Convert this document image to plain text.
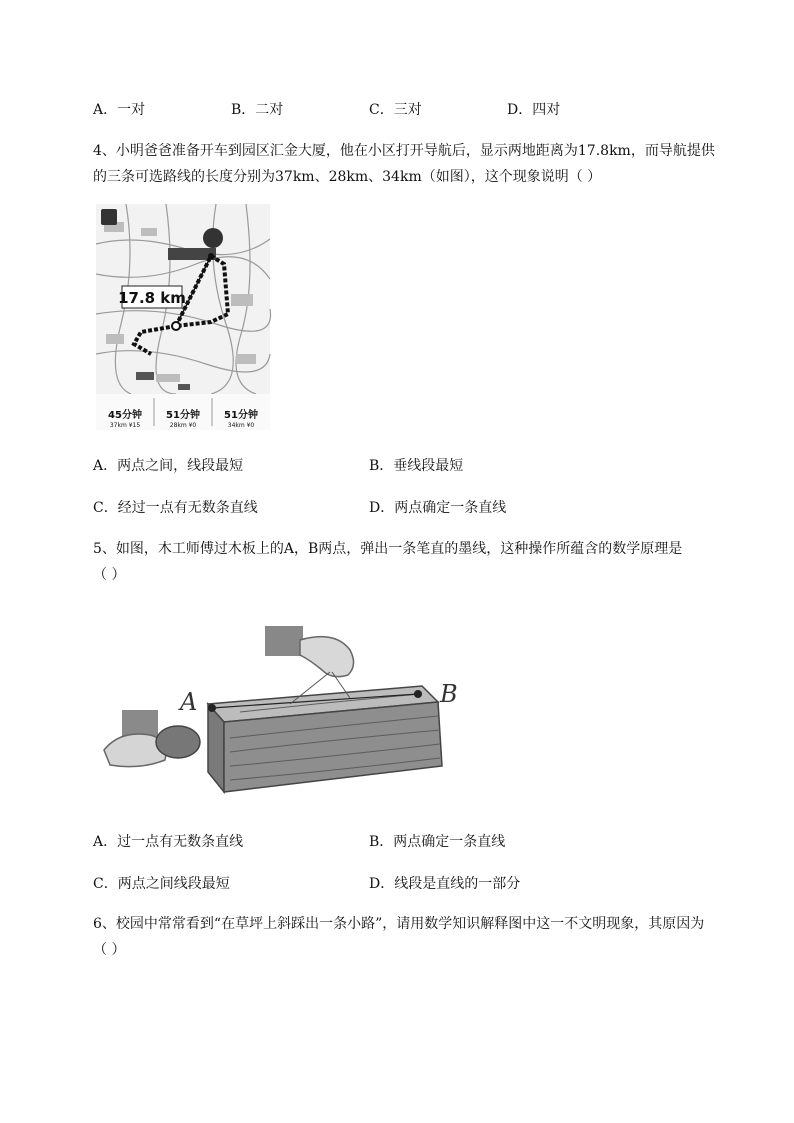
A．一对	B．二对	C．三对	D．四对
4、小明爸爸准备开车到园区汇金大厦，他在小区打开导航后，显示两地距离为17.8km，而导航提供
的三条可选路线的长度分别为37km、28km、34km（如图），这个现象说明（ ）
17.8 km
45分钟
37km ¥15
51分钟
28km ¥0
51分钟
34km ¥0
A．两点之间，线段最短	B．垂线段最短
C．经过一点有无数条直线	D．两点确定一条直线
5、如图，木工师傅过木板上的A，B两点，弹出一条笔直的墨线，这种操作所蕴含的数学原理是
（ ）
A	B
A．过一点有无数条直线	B．两点确定一条直线
C．两点之间线段最短	D．线段是直线的一部分
6、校园中常常看到“在草坪上斜踩出一条小路”，请用数学知识解释图中这一不文明现象，其原因为
（ ）
